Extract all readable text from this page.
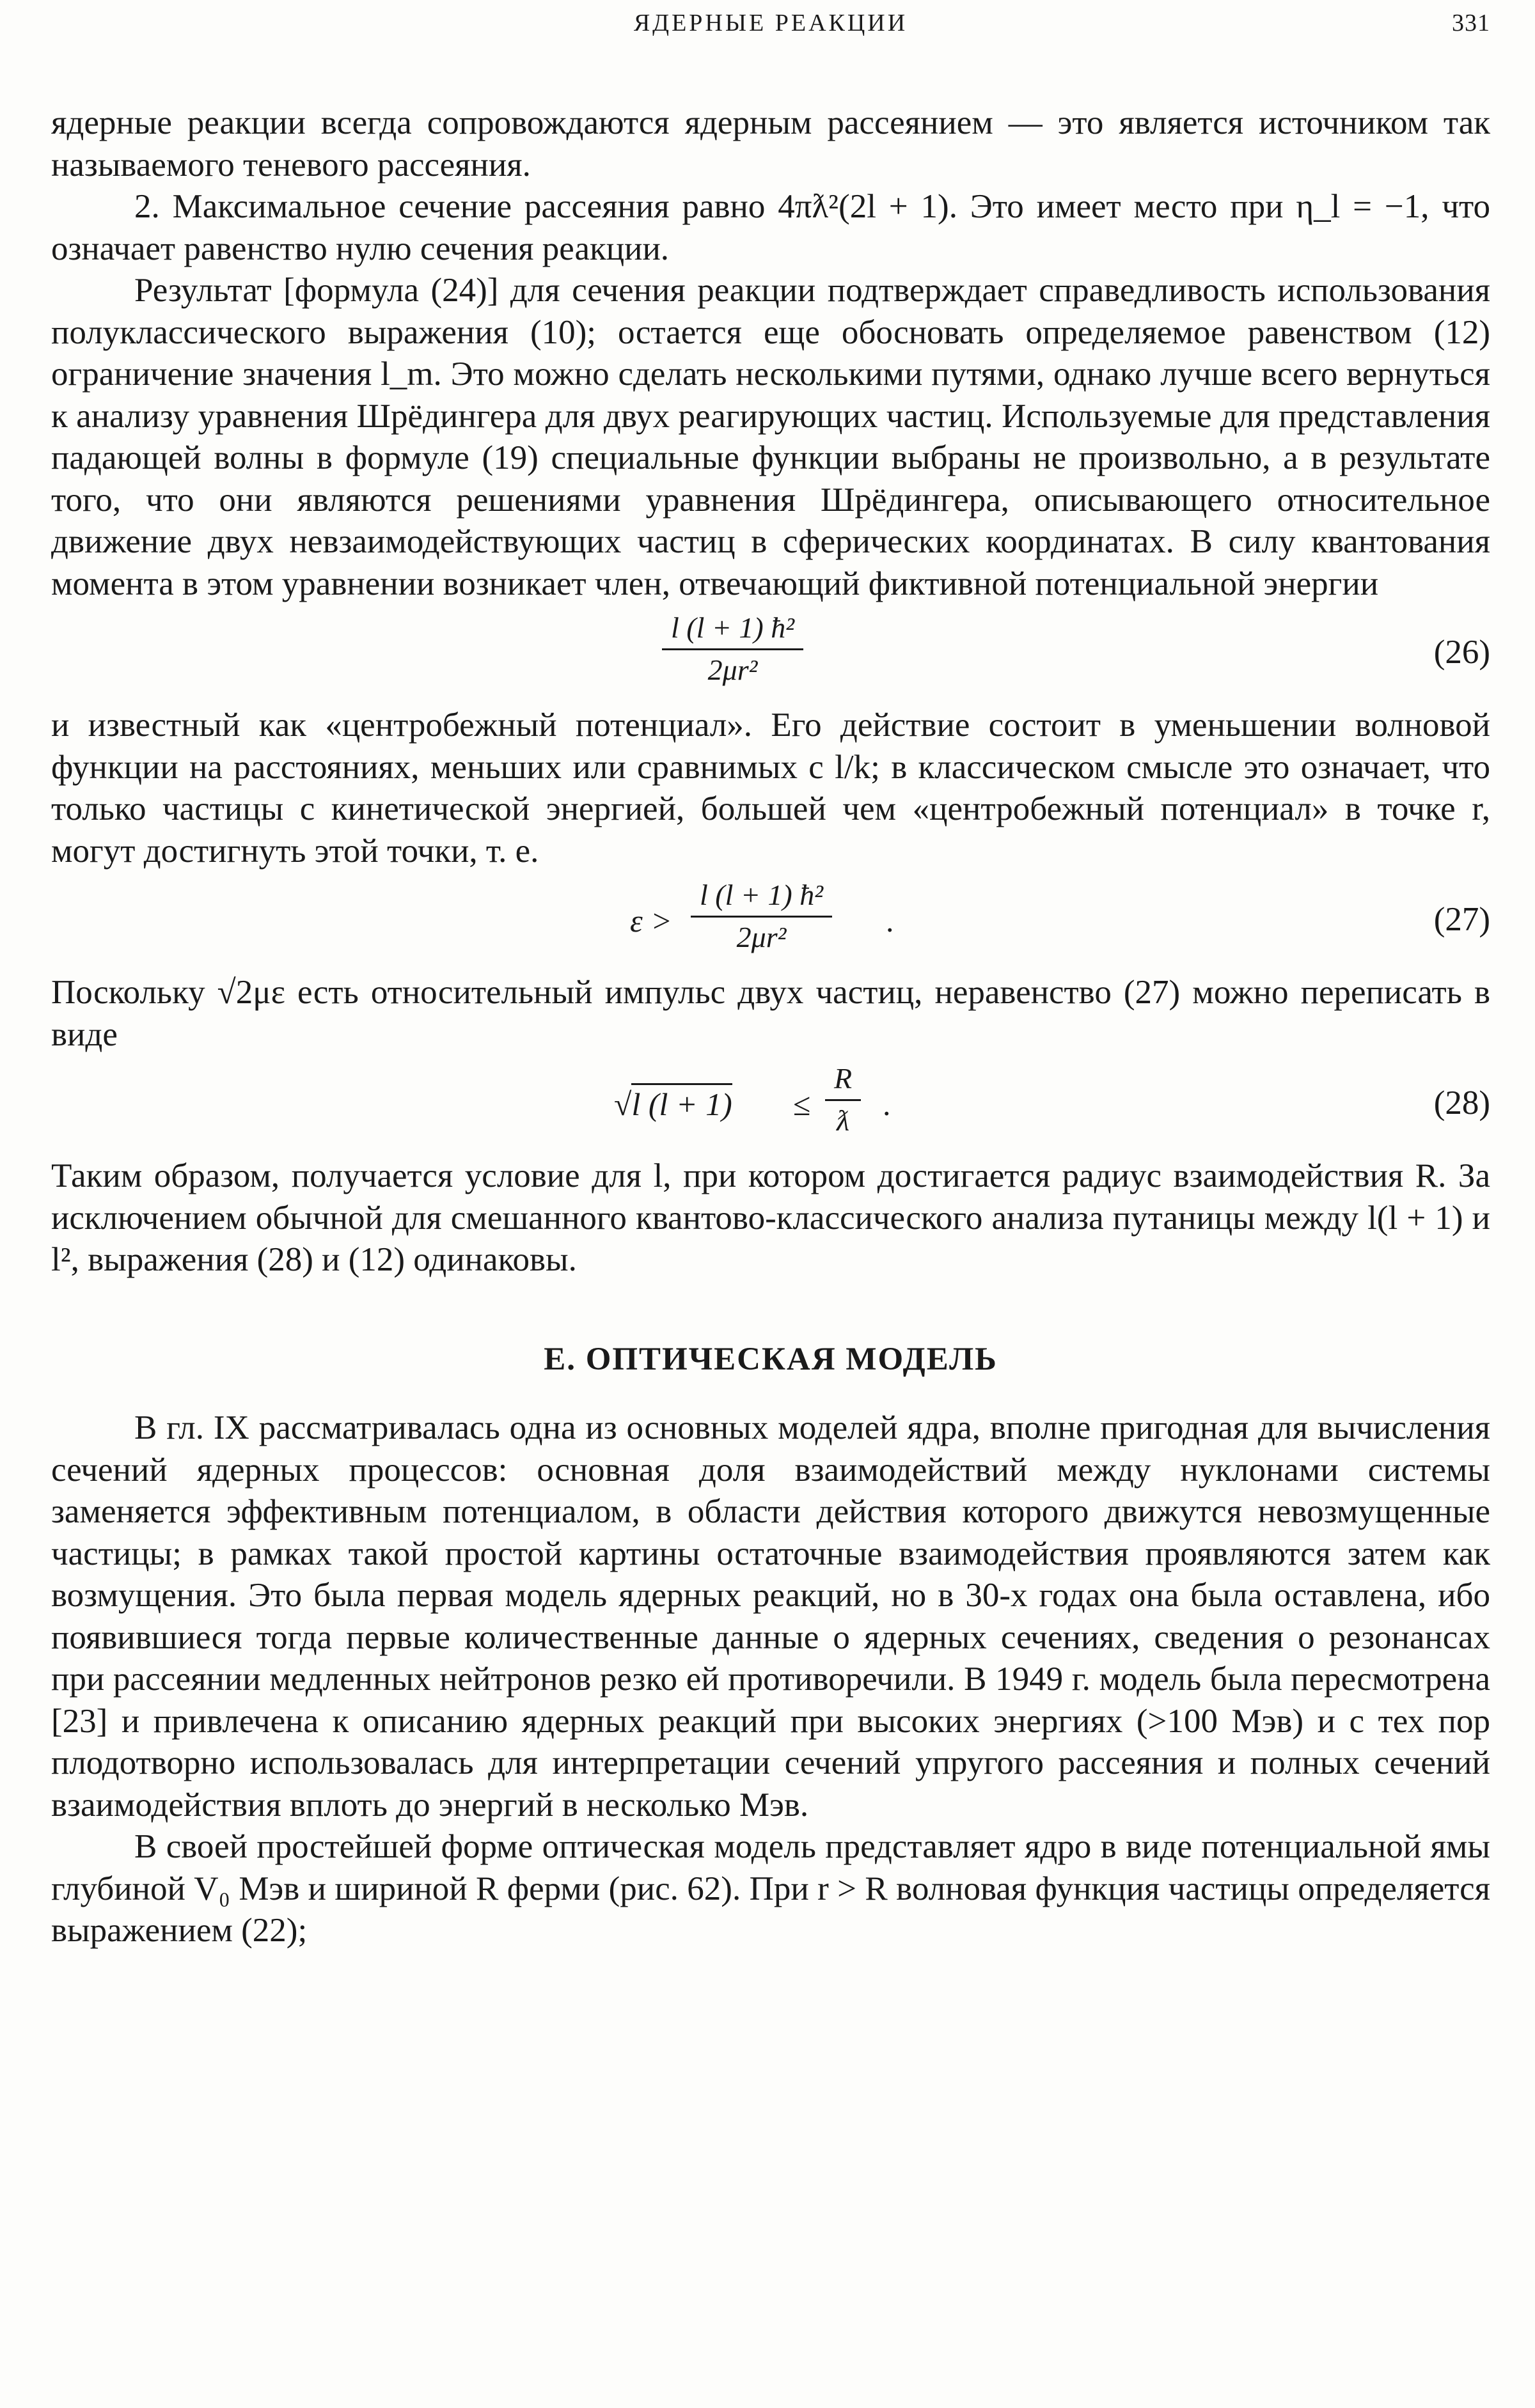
ЯДЕРНЫЕ РЕАКЦИИ	331

ядерные реакции всегда сопровождаются ядерным рассеянием — это является источником так называемого теневого рассеяния.

2. Максимальное сечение рассеяния равно 4πƛ²(2l + 1). Это имеет место при η_l = −1, что означает равенство нулю сечения реакции.

Результат [формула (24)] для сечения реакции подтверждает справедливость использования полуклассического выражения (10); остается еще обосновать определяемое равенством (12) ограничение значения l_m. Это можно сделать несколькими путями, однако лучше всего вернуться к анализу уравнения Шрёдингера для двух реагирующих частиц. Используемые для представления падающей волны в формуле (19) специальные функции выбраны не произвольно, а в результате того, что они являются решениями уравнения Шрёдингера, описывающего относительное движение двух невзаимодействующих частиц в сферических координатах. В силу квантования момента в этом уравнении возникает член, отвечающий фиктивной потенциальной энергии

$\frac{\text{l (l + 1) ħ²}}{\text{2μr²}}$	(26)

и известный как «центробежный потенциал». Его действие состоит в уменьшении волновой функции на расстояниях, меньших или сравнимых с l/k; в классическом смысле это означает, что только частицы с кинетической энергией, большей чем «центробежный потенциал» в точке r, могут достигнуть этой точки, т. е.

$\varepsilon > \frac{\text{l (l + 1) ħ²}}{\text{2μr²}}$ .	(27)

Поскольку √2με есть относительный импульс двух частиц, неравенство (27) можно переписать в виде

√l $(l + 1) \le \frac{R}{ƛ}$ .	(28)

Таким образом, получается условие для l, при котором достигается радиус взаимодействия R. За исключением обычной для смешанного квантово-классического анализа путаницы между l(l + 1) и l², выражения (28) и (12) одинаковы.

Е. ОПТИЧЕСКАЯ МОДЕЛЬ

В гл. IX рассматривалась одна из основных моделей ядра, вполне пригодная для вычисления сечений ядерных процессов: основная доля взаимодействий между нуклонами системы заменяется эффективным потенциалом, в области действия которого движутся невозмущенные частицы; в рамках такой простой картины остаточные взаимодействия проявляются затем как возмущения. Это была первая модель ядерных реакций, но в 30-х годах она была оставлена, ибо появившиеся тогда первые количественные данные о ядерных сечениях, сведения о резонансах при рассеянии медленных нейтронов резко ей противоречили. В 1949 г. модель была пересмотрена [23] и привлечена к описанию ядерных реакций при высоких энергиях (>100 Мэв) и с тех пор плодотворно использовалась для интерпретации сечений упругого рассеяния и полных сечений взаимодействия вплоть до энергий в несколько Мэв.

В своей простейшей форме оптическая модель представляет ядро в виде потенциальной ямы глубиной V₀ Мэв и шириной R ферми (рис. 62). При r > R волновая функция частицы определяется выражением (22);
